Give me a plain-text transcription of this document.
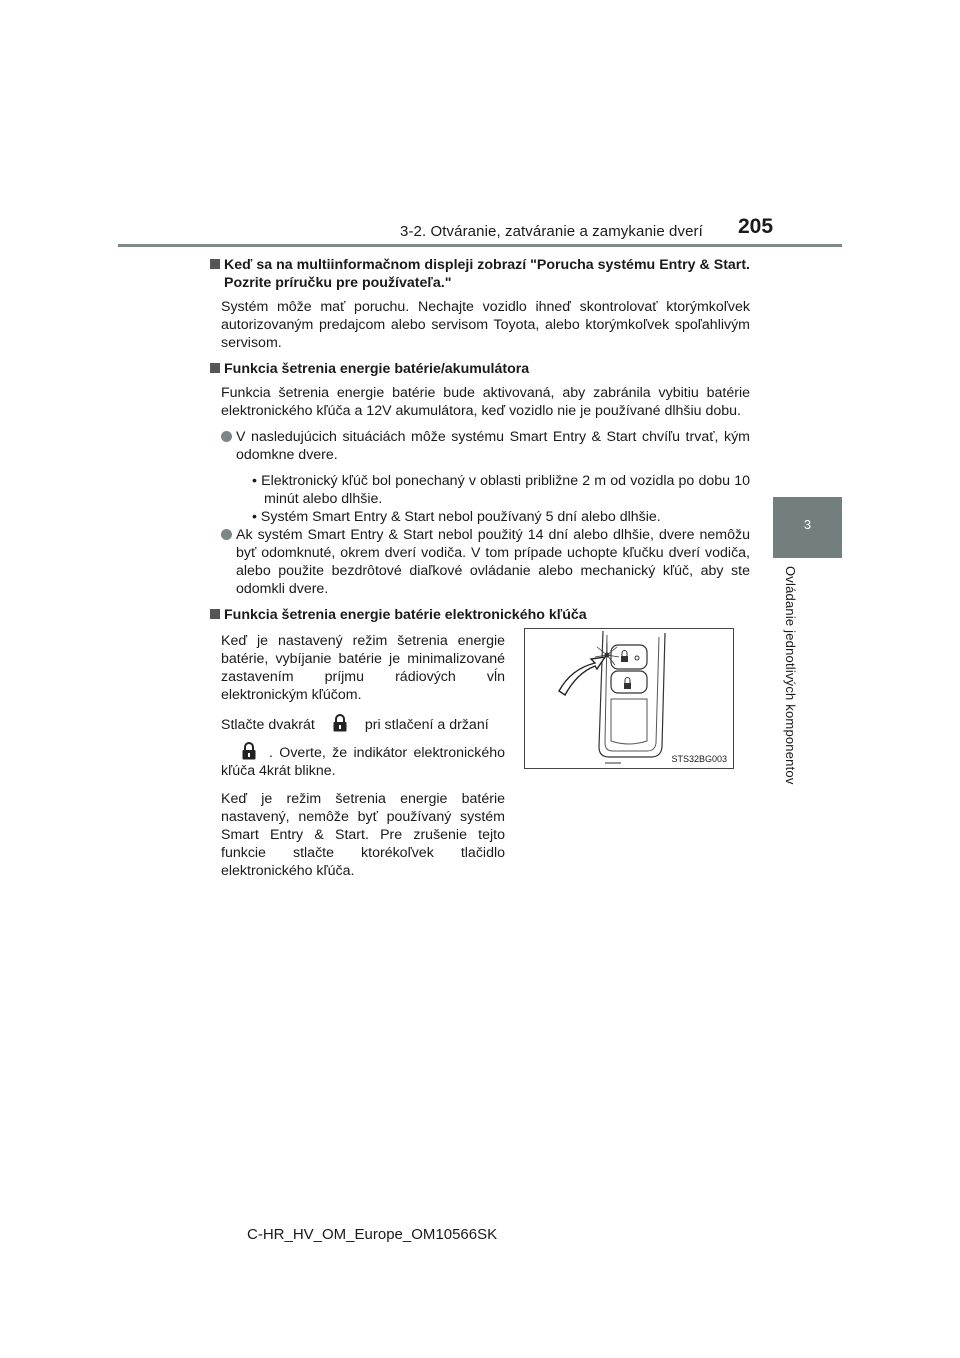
3-2. Otváranie, zatváranie a zamykanie dverí 205
3
Ovládanie jednotlivých komponentov

Keď sa na multiinformačnom displeji zobrazí "Porucha systému Entry & Start. Pozrite príručku pre používateľa."

Systém môže mať poruchu. Nechajte vozidlo ihneď skontrolovať ktorýmkoľvek autorizovaným predajcom alebo servisom Toyota, alebo ktorýmkoľvek spoľahlivým servisom.

Funkcia šetrenia energie batérie/akumulátora

Funkcia šetrenia energie batérie bude aktivovaná, aby zabránila vybitiu batérie elektronického kľúča a 12V akumulátora, keď vozidlo nie je používané dlhšiu dobu.

V nasledujúcich situáciách môže systému Smart Entry & Start chvíľu trvať, kým odomkne dvere.

• Elektronický kľúč bol ponechaný v oblasti približne 2 m od vozidla po dobu 10 minút alebo dlhšie.

• Systém Smart Entry & Start nebol používaný 5 dní alebo dlhšie.

Ak systém Smart Entry & Start nebol použitý 14 dní alebo dlhšie, dvere nemôžu byť odomknuté, okrem dverí vodiča. V tom prípade uchopte kľučku dverí vodiča, alebo použite bezdrôtové diaľkové ovládanie alebo mechanický kľúč, aby ste odomkli dvere.

Funkcia šetrenia energie batérie elektronického kľúča

Keď je nastavený režim šetrenia energie batérie, vybíjanie batérie je minimalizované zastavením príjmu rádiových vĺn elektronickým kľúčom.

Stlačte dvakrát	pri stlačení a držaní

. Overte, že indikátor elektronického kľúča 4krát blikne.

Keď je režim šetrenia energie batérie nastavený, nemôže byť používaný systém Smart Entry & Start. Pre zrušenie tejto funkcie stlačte ktorékoľvek tlačidlo elektronického kľúča.

STS32BG003
C-HR_HV_OM_Europe_OM10566SK
